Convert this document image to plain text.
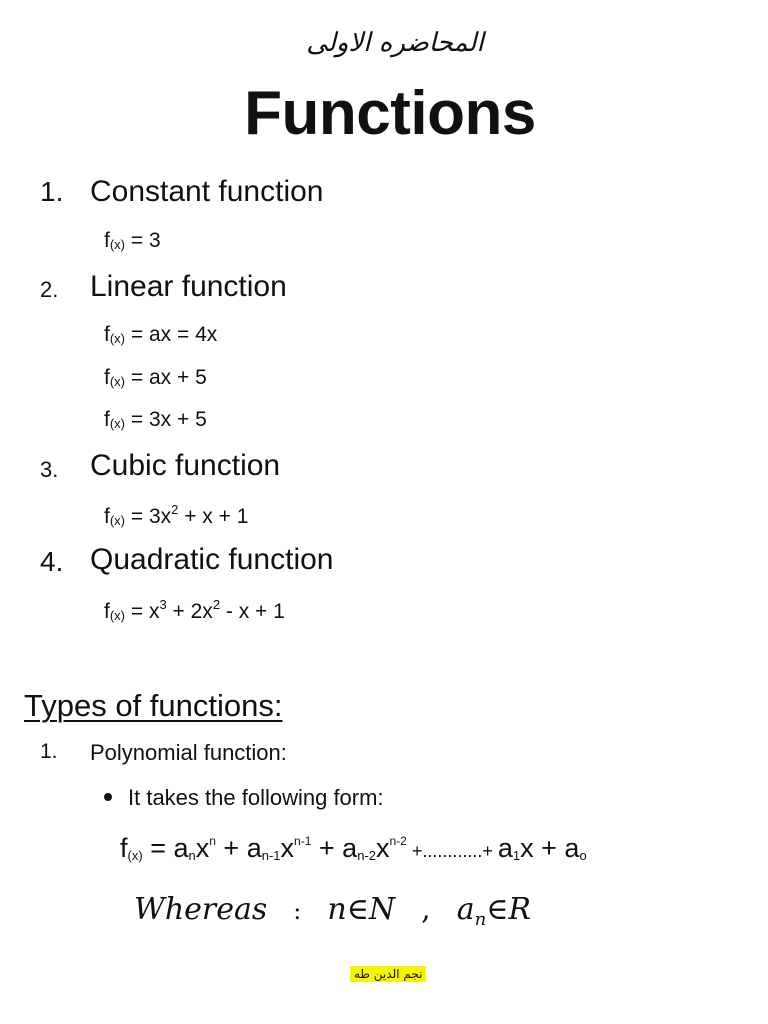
المحاضره الاولى
Functions
1. Constant function
$f_{(x)} = 3$
2. Linear function
$f_{(x)}$ = ax = 4x
$f_{(x)}$ = ax + 5
$f_{(x)} = 3x + 5$
3. Cubic function
$f_{(x)} = 3x^2 + x + 1$
4. Quadratic function
$f_{(x)} = x^3 + 2x^2 - x + 1$
Types of functions:
1. Polynomial function:
It takes the following form:
$f_{(x)} = a_nx^n + a_{n-1}x^{n-1} + a_{n-2}x^{n-2}$ +............+ $a_1x + a_o$
Whereas : n∈N , $a_n\in R$
نجم الدين طه
